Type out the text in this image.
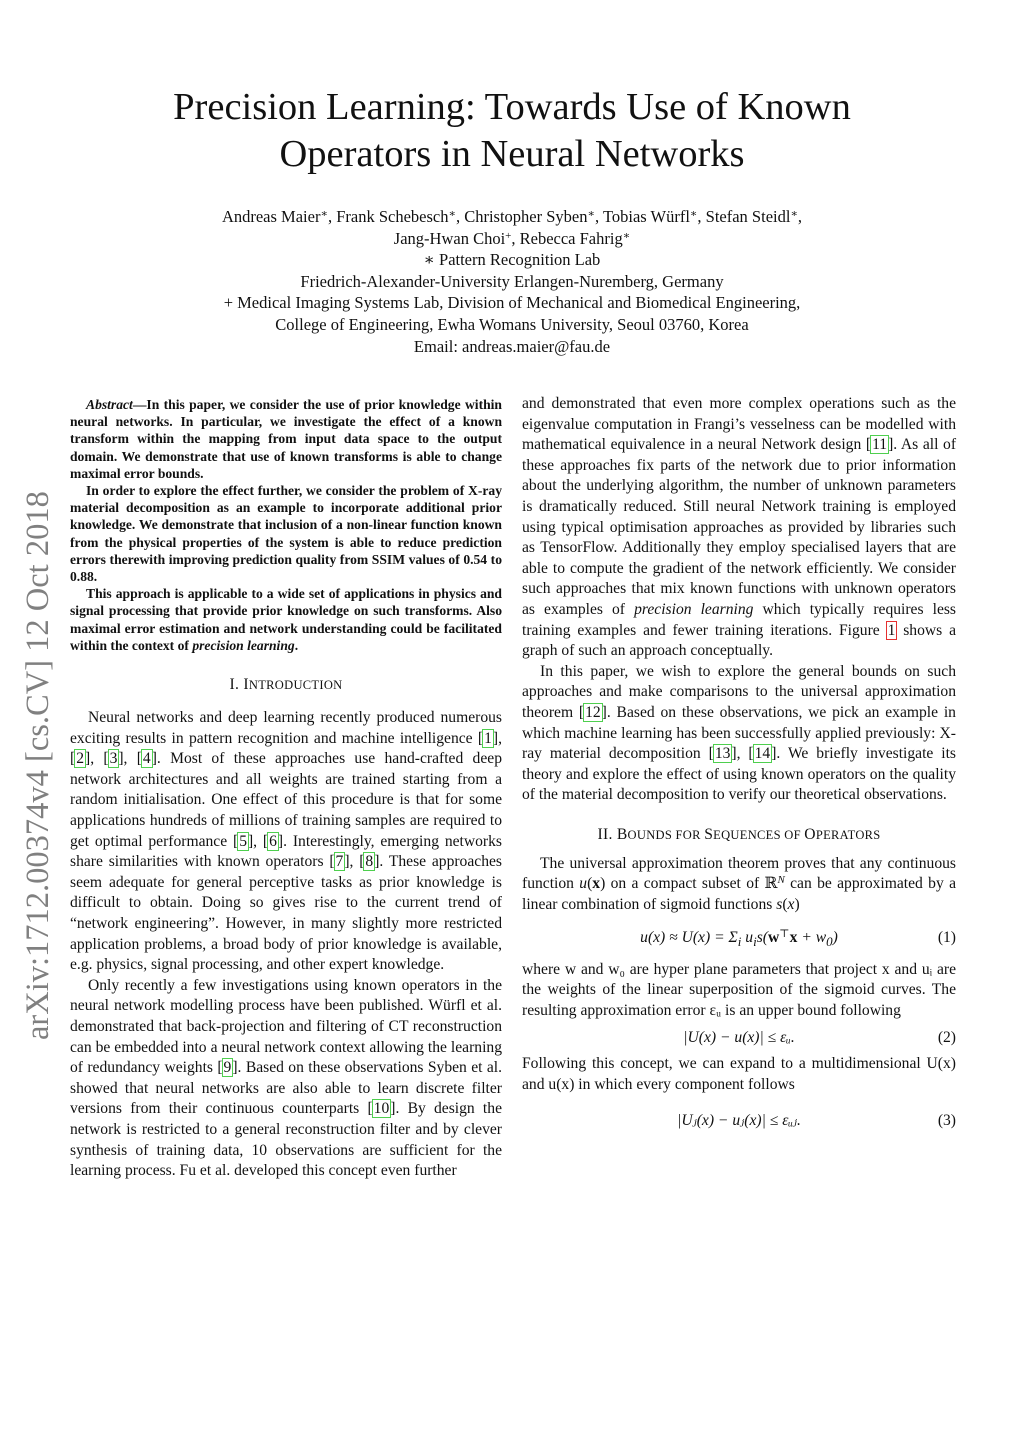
arXiv:1712.00374v4 [cs.CV] 12 Oct 2018
Precision Learning: Towards Use of Known
Operators in Neural Networks
Andreas Maier∗, Frank Schebesch∗, Christopher Syben∗, Tobias Würfl∗, Stefan Steidl∗,
Jang-Hwan Choi+, Rebecca Fahrig∗
∗ Pattern Recognition Lab
Friedrich-Alexander-University Erlangen-Nuremberg, Germany
+ Medical Imaging Systems Lab, Division of Mechanical and Biomedical Engineering,
College of Engineering, Ewha Womans University, Seoul 03760, Korea
Email: andreas.maier@fau.de

Abstract—In this paper, we consider the use of prior knowledge within neural networks. In particular, we investigate the effect of a known transform within the mapping from input data space to the output domain. We demonstrate that use of known transforms is able to change maximal error bounds.

In order to explore the effect further, we consider the problem of X-ray material decomposition as an example to incorporate additional prior knowledge. We demonstrate that inclusion of a non-linear function known from the physical properties of the system is able to reduce prediction errors therewith improving prediction quality from SSIM values of 0.54 to 0.88.

This approach is applicable to a wide set of applications in physics and signal processing that provide prior knowledge on such transforms. Also maximal error estimation and network understanding could be facilitated within the context of precision learning.

I. INTRODUCTION

Neural networks and deep learning recently produced numerous exciting results in pattern recognition and machine intelligence [1], [2], [3], [4]. Most of these approaches use hand-crafted deep network architectures and all weights are trained starting from a random initialisation. One effect of this procedure is that for some applications hundreds of millions of training samples are required to get optimal performance [5], [6]. Interestingly, emerging networks share similarities with known operators [7], [8]. These approaches seem adequate for general perceptive tasks as prior knowledge is difficult to obtain. Doing so gives rise to the current trend of “network engineering”. However, in many slightly more restricted application problems, a broad body of prior knowledge is available, e.g. physics, signal processing, and other expert knowledge.

Only recently a few investigations using known operators in the neural network modelling process have been published. Würfl et al. demonstrated that back-projection and filtering of CT reconstruction can be embedded into a neural network context allowing the learning of redundancy weights [9]. Based on these observations Syben et al. showed that neural networks are also able to learn discrete filter versions from their continuous counterparts [10]. By design the network is restricted to a general reconstruction filter and by clever synthesis of training data, 10 observations are sufficient for the learning process. Fu et al. developed this concept even further

and demonstrated that even more complex operations such as the eigenvalue computation in Frangi’s vesselness can be modelled with mathematical equivalence in a neural Network design [11]. As all of these approaches fix parts of the network due to prior information about the underlying algorithm, the number of unknown parameters is dramatically reduced. Still neural Network training is employed using typical optimisation approaches as provided by libraries such as TensorFlow. Additionally they employ specialised layers that are able to compute the gradient of the network efficiently. We consider such approaches that mix known functions with unknown operators as examples of precision learning which typically requires less training examples and fewer training iterations. Figure 1 shows a graph of such an approach conceptually.

In this paper, we wish to explore the general bounds on such approaches and make comparisons to the universal approximation theorem [12]. Based on these observations, we pick an example in which machine learning has been successfully applied previously: X-ray material decomposition [13], [14]. We briefly investigate its theory and explore the effect of using known operators on the quality of the material decomposition to verify our theoretical observations.

II. BOUNDS FOR SEQUENCES OF OPERATORS

The universal approximation theorem proves that any continuous function u(x) on a compact subset of ℝ$^N$ can be approximated by a linear combination of sigmoid functions s(x)

$u(x) \approx U(x) = \Sigma_i$ $u_is(w^⊤x + w_0)$	(1)

where w and w₀ are hyper plane parameters that project x and uᵢ are the weights of the linear superposition of the sigmoid curves. The resulting approximation error εᵤ is an upper bound following

|U(x) − u(x)| ≤ εᵤ.	(2)

Following this concept, we can expand to a multidimensional U(x) and u(x) in which every component follows

|Uⱼ(x) − uⱼ(x)| ≤ εᵤⱼ.	(3)
